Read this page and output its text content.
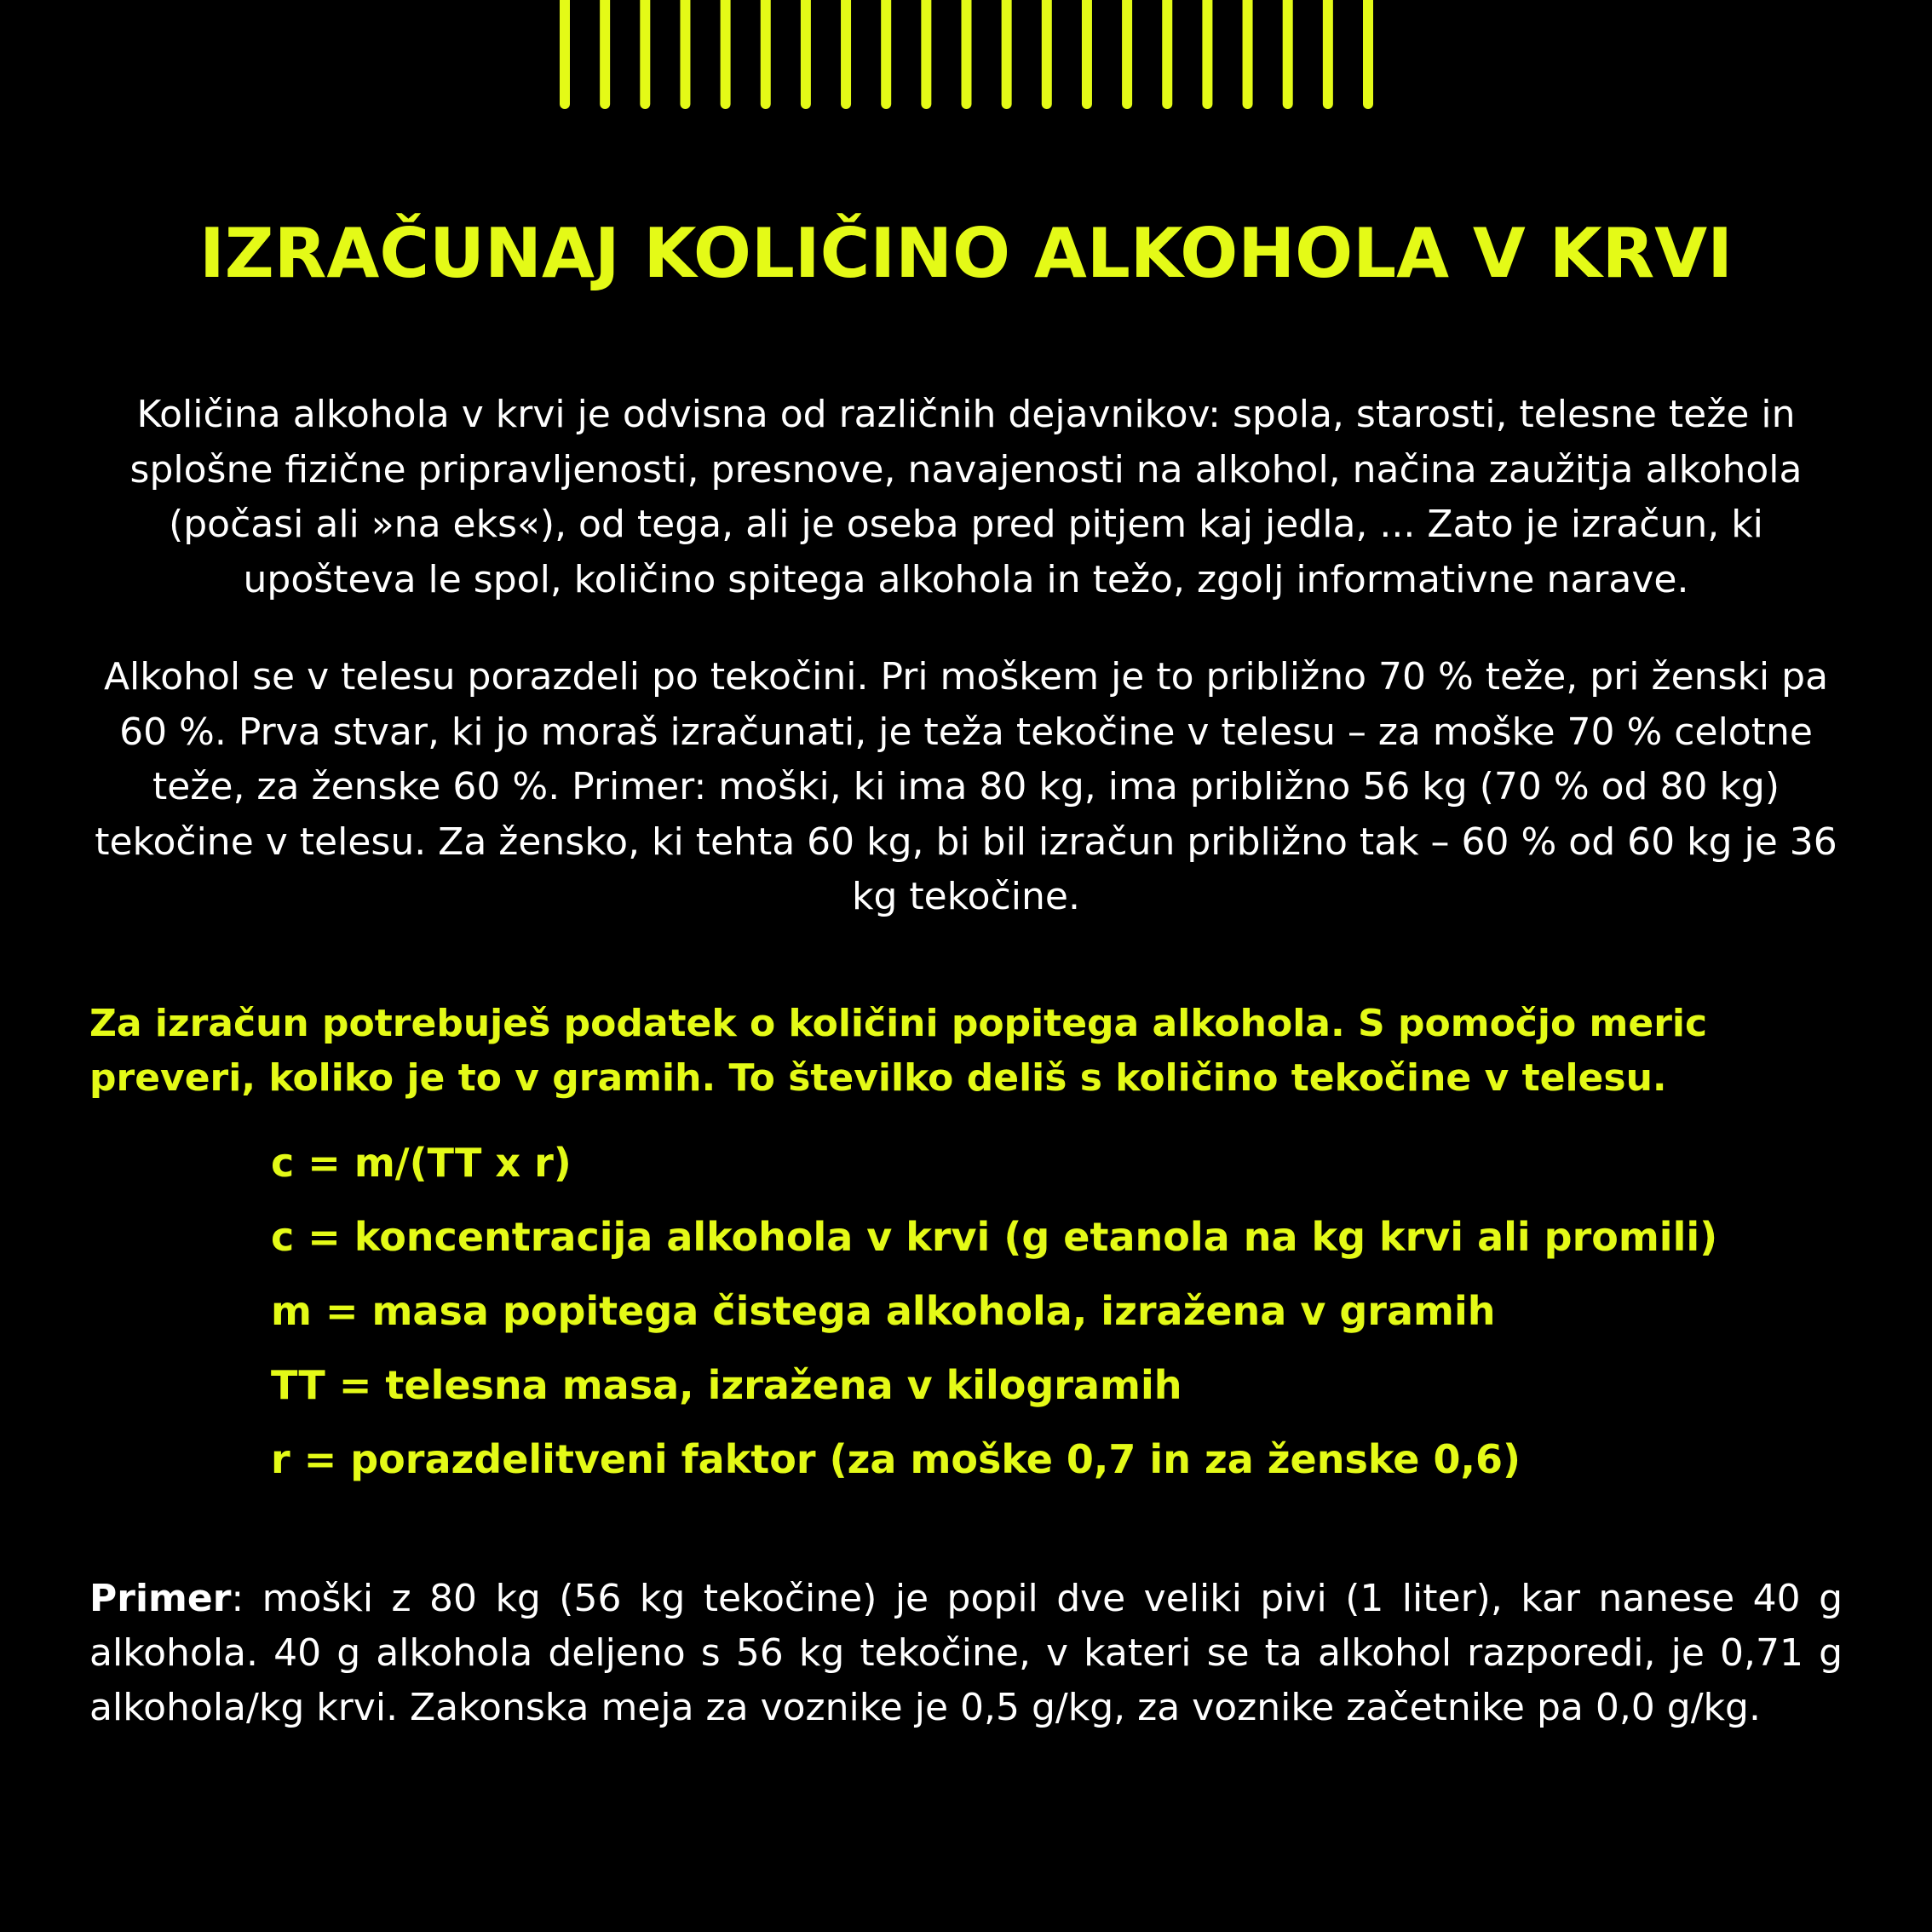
IZRAČUNAJ KOLIČINO ALKOHOLA V KRVI

Količina alkohola v krvi je odvisna od različnih dejavnikov: spola, starosti, telesne teže in splošne fizične pripravljenosti, presnove, navajenosti na alkohol, načina zaužitja alkohola (počasi ali »na eks«), od tega, ali je oseba pred pitjem kaj jedla, ... Zato je izračun, ki upošteva le spol, količino spitega alkohola in težo, zgolj informativne narave.

Alkohol se v telesu porazdeli po tekočini. Pri moškem je to približno 70 % teže, pri ženski pa 60 %. Prva stvar, ki jo moraš izračunati, je teža tekočine v telesu – za moške 70 % celotne teže, za ženske 60 %. Primer: moški, ki ima 80 kg, ima približno 56 kg (70 % od 80 kg) tekočine v telesu. Za žensko, ki tehta 60 kg, bi bil izračun približno tak – 60 % od 60 kg je 36 kg tekočine.

Za izračun potrebuješ podatek o količini popitega alkohola. S pomočjo meric preveri, koliko je to v gramih. To številko deliš s količino tekočine v telesu.

c = m/(TT x r)
c = koncentracija alkohola v krvi (g etanola na kg krvi ali promili)
m = masa popitega čistega alkohola, izražena v gramih
TT = telesna masa, izražena v kilogramih
r = porazdelitveni faktor (za moške 0,7 in za ženske 0,6)

Primer: moški z 80 kg (56 kg tekočine) je popil dve veliki pivi (1 liter), kar nanese 40 g alkohola. 40 g alkohola deljeno s 56 kg tekočine, v kateri se ta alkohol razporedi, je 0,71 g alkohola/kg krvi. Zakonska meja za voznike je 0,5 g/kg, za voznike začetnike pa 0,0 g/kg.
